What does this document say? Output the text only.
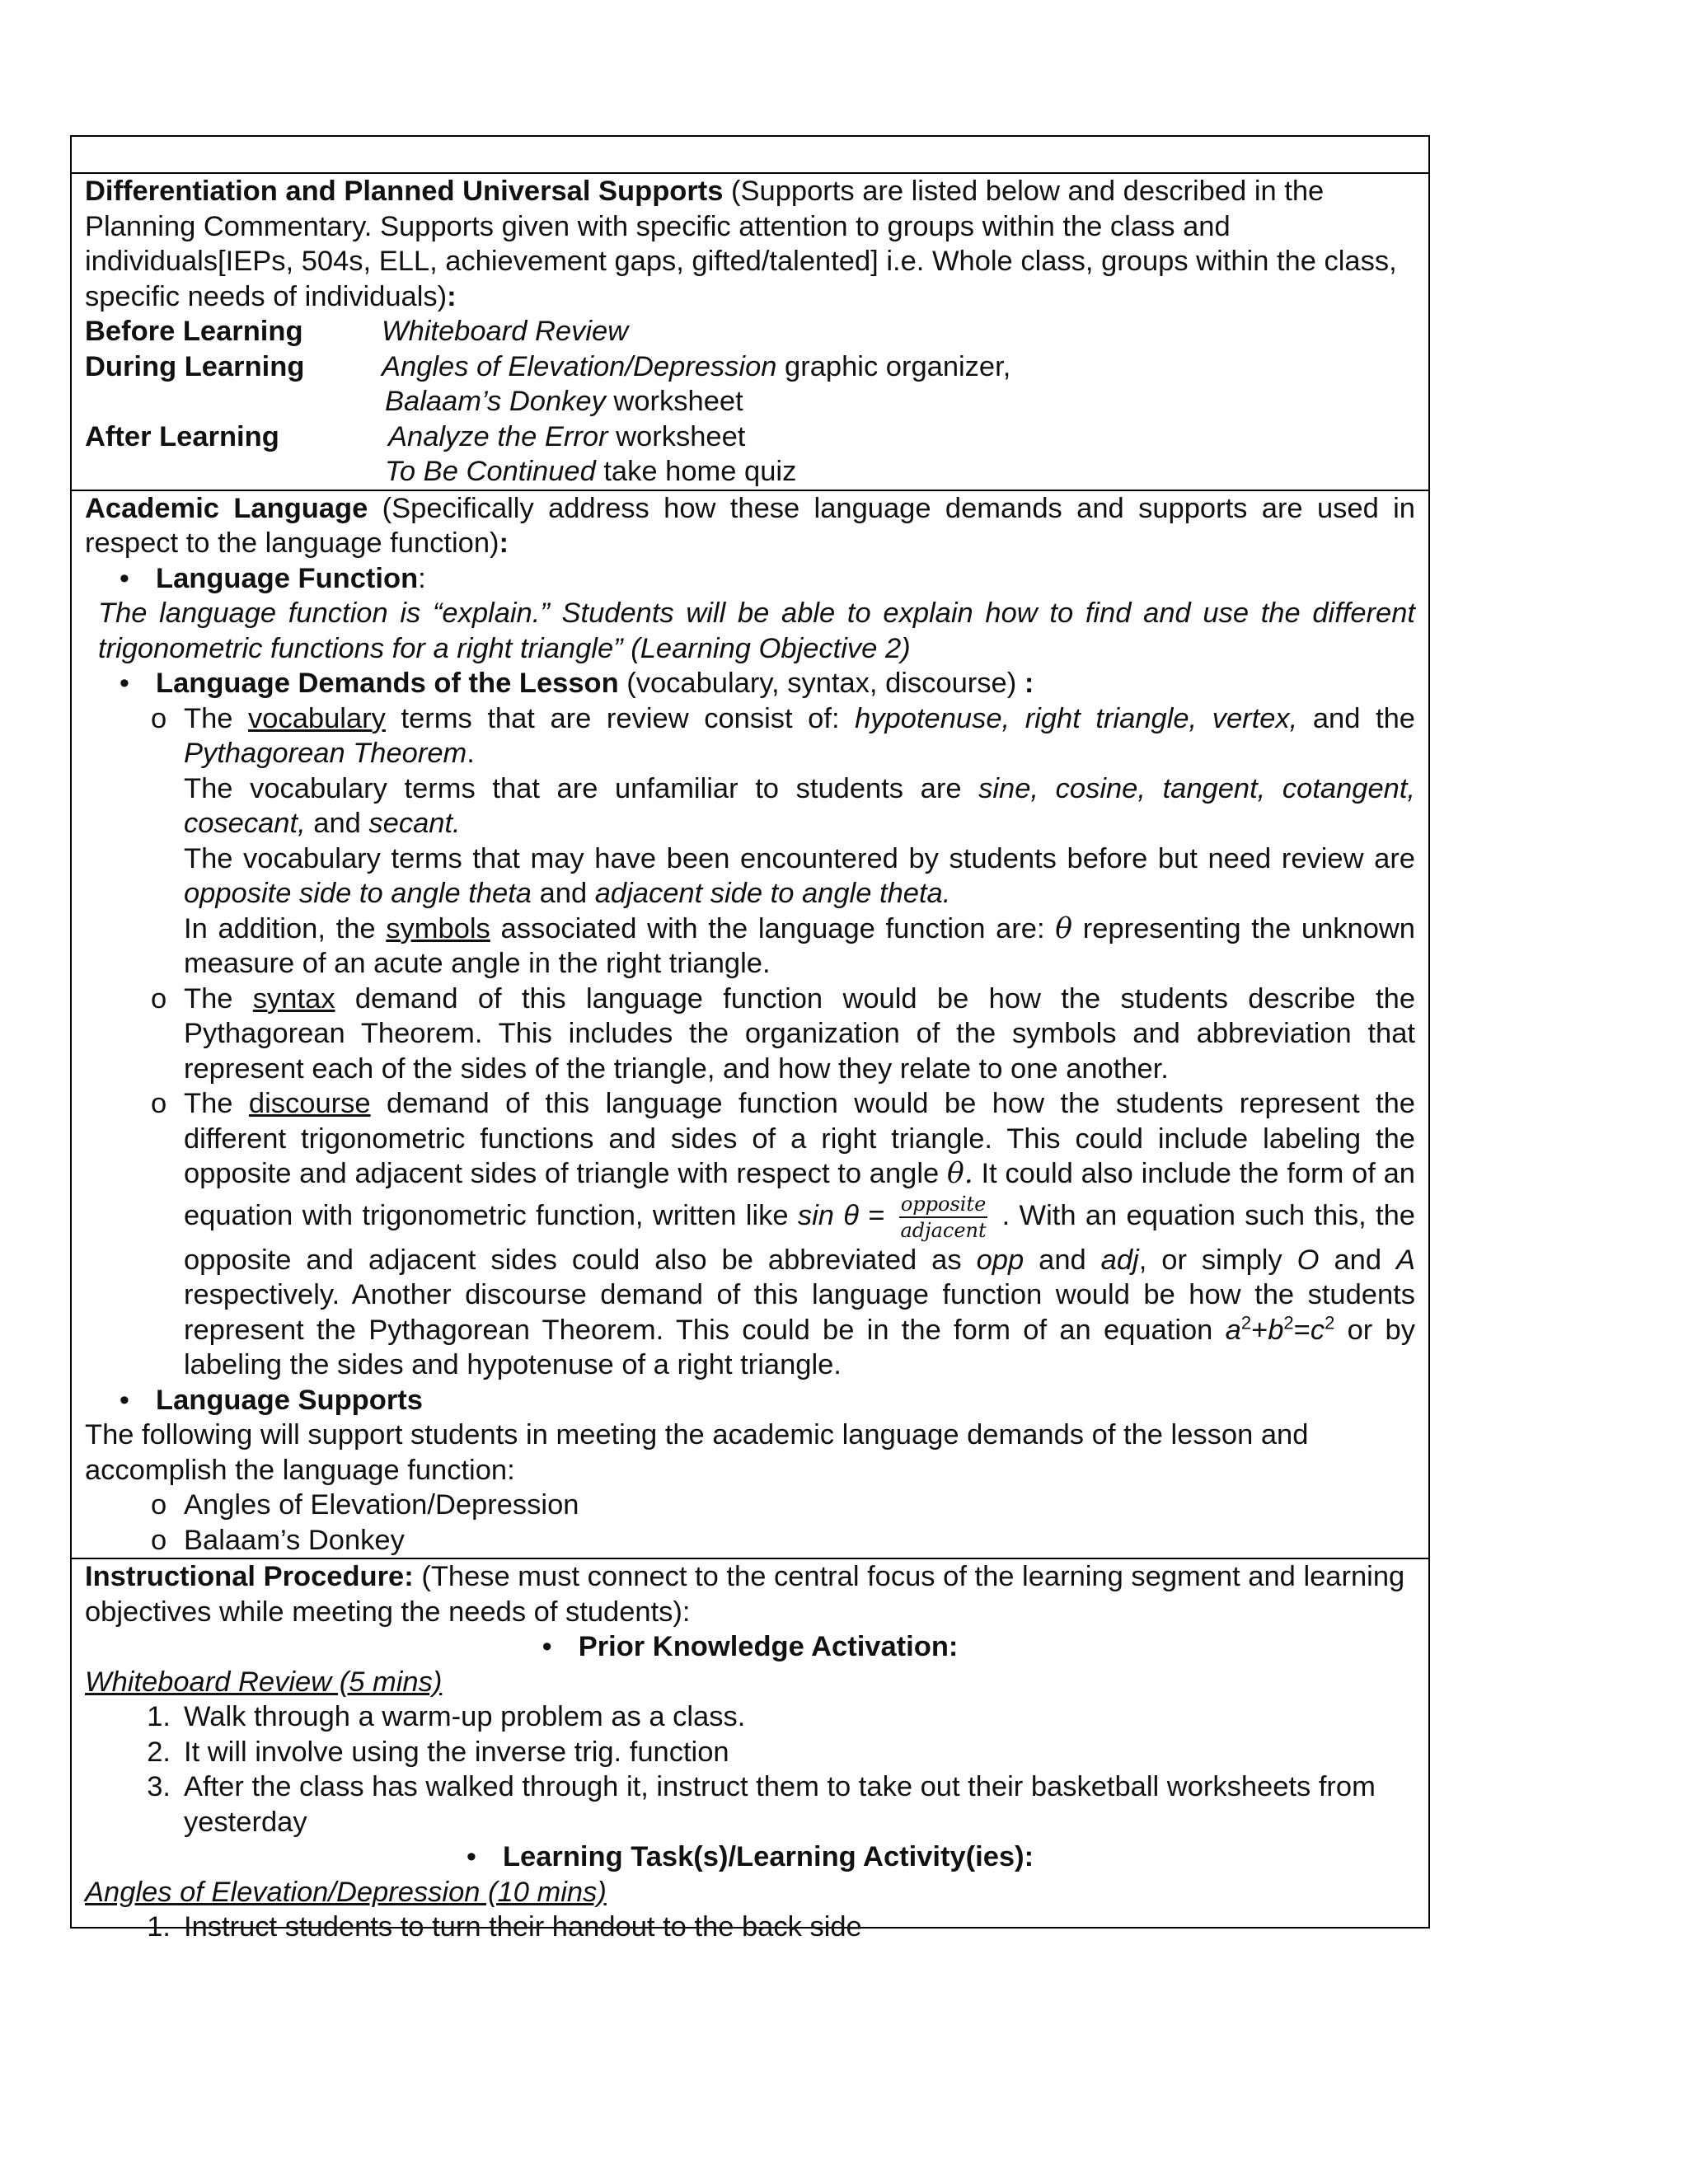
Differentiation and Planned Universal Supports (Supports are listed below and described in the Planning Commentary. Supports given with specific attention to groups within the class and individuals[IEPs, 504s, ELL, achievement gaps, gifted/talented] i.e. Whole class, groups within the class, specific needs of individuals):

Before Learning	Whiteboard Review
During Learning	Angles of Elevation/Depression graphic organizer,
Balaam’s Donkey worksheet
After Learning	Analyze the Error worksheet
To Be Continued take home quiz

Academic Language (Specifically address how these language demands and supports are used in respect to the language function):

• Language Function:

The language function is “explain.” Students will be able to explain how to find and use the different trigonometric functions for a right triangle” (Learning Objective 2)

• Language Demands of the Lesson (vocabulary, syntax, discourse) :
o The vocabulary terms that are review consist of: hypotenuse, right triangle, vertex, and the Pythagorean Theorem.

The vocabulary terms that are unfamiliar to students are sine, cosine, tangent, cotangent, cosecant, and secant.

The vocabulary terms that may have been encountered by students before but need review are opposite side to angle theta and adjacent side to angle theta.

In addition, the symbols associated with the language function are: θ representing the unknown measure of an acute angle in the right triangle.

o The syntax demand of this language function would be how the students describe the Pythagorean Theorem. This includes the organization of the symbols and abbreviation that represent each of the sides of the triangle, and how they relate to one another.
o The discourse demand of this language function would be how the students represent the different trigonometric functions and sides of a right triangle. This could include labeling the opposite and adjacent sides of triangle with respect to angle θ. It could also include the form of an equation with trigonometric function, written like $\sin \theta = \frac{\text{opposite}}{\text{adjacent}}$ . With an equation such this, the opposite and adjacent sides could also be abbreviated as opp and adj, or simply O and A respectively. Another discourse demand of this language function would be how the students represent the Pythagorean Theorem. This could be in the form of an equation $a^2+b^2=c^2$ or by labeling the sides and hypotenuse of a right triangle.
• Language Supports

The following will support students in meeting the academic language demands of the lesson and accomplish the language function:

o Angles of Elevation/Depression
o Balaam’s Donkey

Instructional Procedure: (These must connect to the central focus of the learning segment and learning objectives while meeting the needs of students):

• Prior Knowledge Activation:

Whiteboard Review (5 mins)

1. Walk through a warm-up problem as a class.
2. It will involve using the inverse trig. function
3. After the class has walked through it, instruct them to take out their basketball worksheets from yesterday

• Learning Task(s)/Learning Activity(ies):

Angles of Elevation/Depression (10 mins)

1. Instruct students to turn their handout to the back side
